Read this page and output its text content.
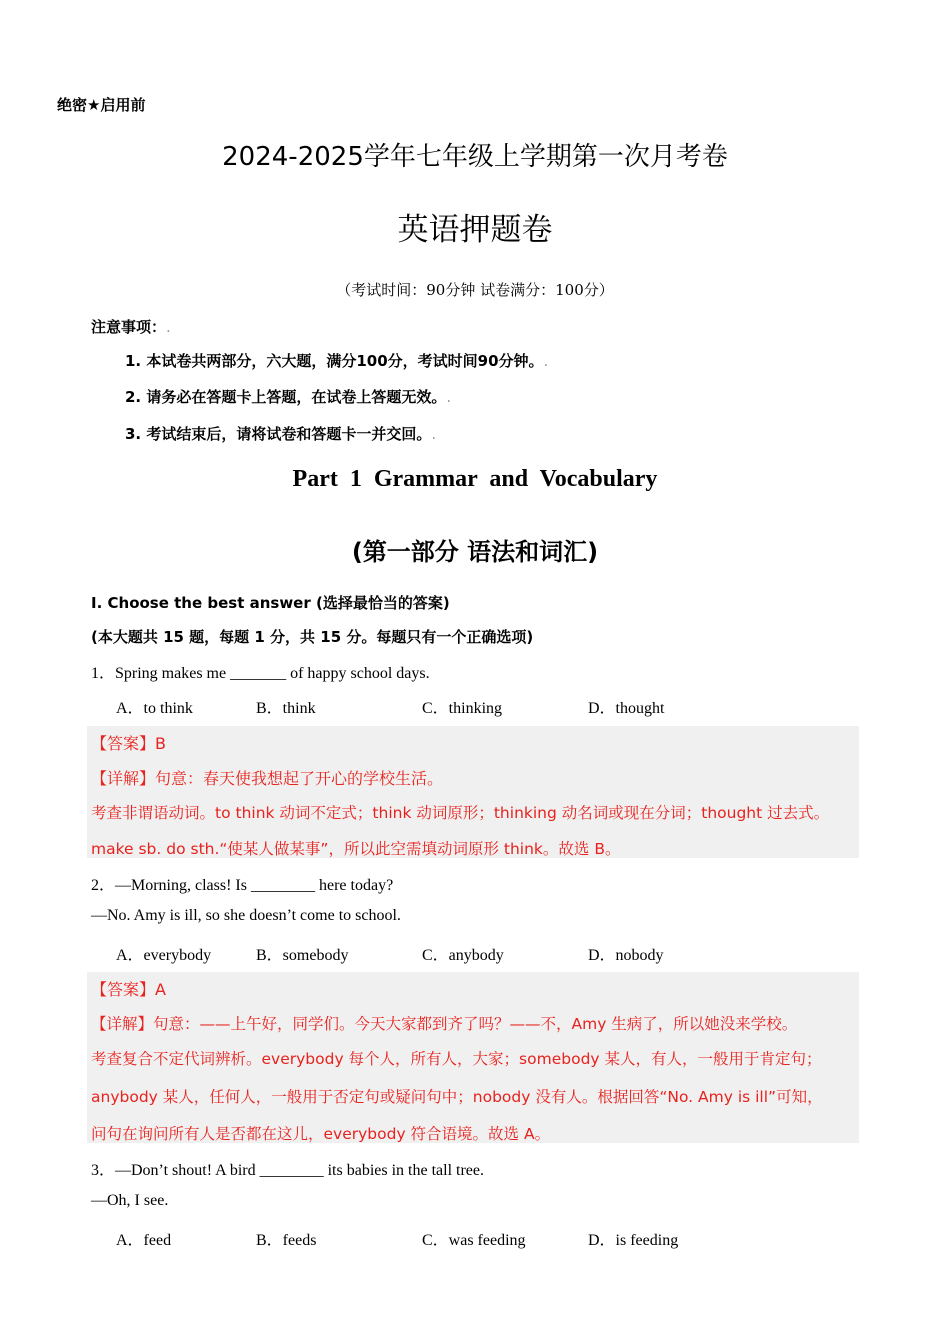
绝密★启用前
2024-2025学年七年级上学期第一次月考卷
英语押题卷
（考试时间：90分钟 试卷满分：100分）
注意事项：.
1. 本试卷共两部分，六大题，满分100分，考试时间90分钟。.
2. 请务必在答题卡上答题，在试卷上答题无效。.
3. 考试结束后，请将试卷和答题卡一并交回。.
Part 1 Grammar and Vocabulary
(第一部分 语法和词汇)
I. Choose the best answer (选择最恰当的答案)
(本大题共 15 题，每题 1 分，共 15 分。每题只有一个正确选项)
1．Spring makes me _______ of happy school days.
A．to think	B．think	C．thinking	D．thought
【答案】B
【详解】句意：春天使我想起了开心的学校生活。
考查非谓语动词。to think 动词不定式；think 动词原形；thinking 动名词或现在分词；thought 过去式。
make sb. do sth.“使某人做某事”，所以此空需填动词原形 think。故选 B。
2．—Morning, class! Is ________ here today?
—No. Amy is ill, so she doesn’t come to school.
A．everybody	B．somebody	C．anybody	D．nobody
【答案】A
【详解】句意：——上午好，同学们。今天大家都到齐了吗？——不，Amy 生病了，所以她没来学校。
考查复合不定代词辨析。everybody 每个人，所有人，大家；somebody 某人，有人，一般用于肯定句；
anybody 某人，任何人，一般用于否定句或疑问句中；nobody 没有人。根据回答“No. Amy is ill”可知，
问句在询问所有人是否都在这儿，everybody 符合语境。故选 A。
3．—Don’t shout! A bird ________ its babies in the tall tree.
—Oh, I see.
A．feed	B．feeds	C．was feeding	D．is feeding
